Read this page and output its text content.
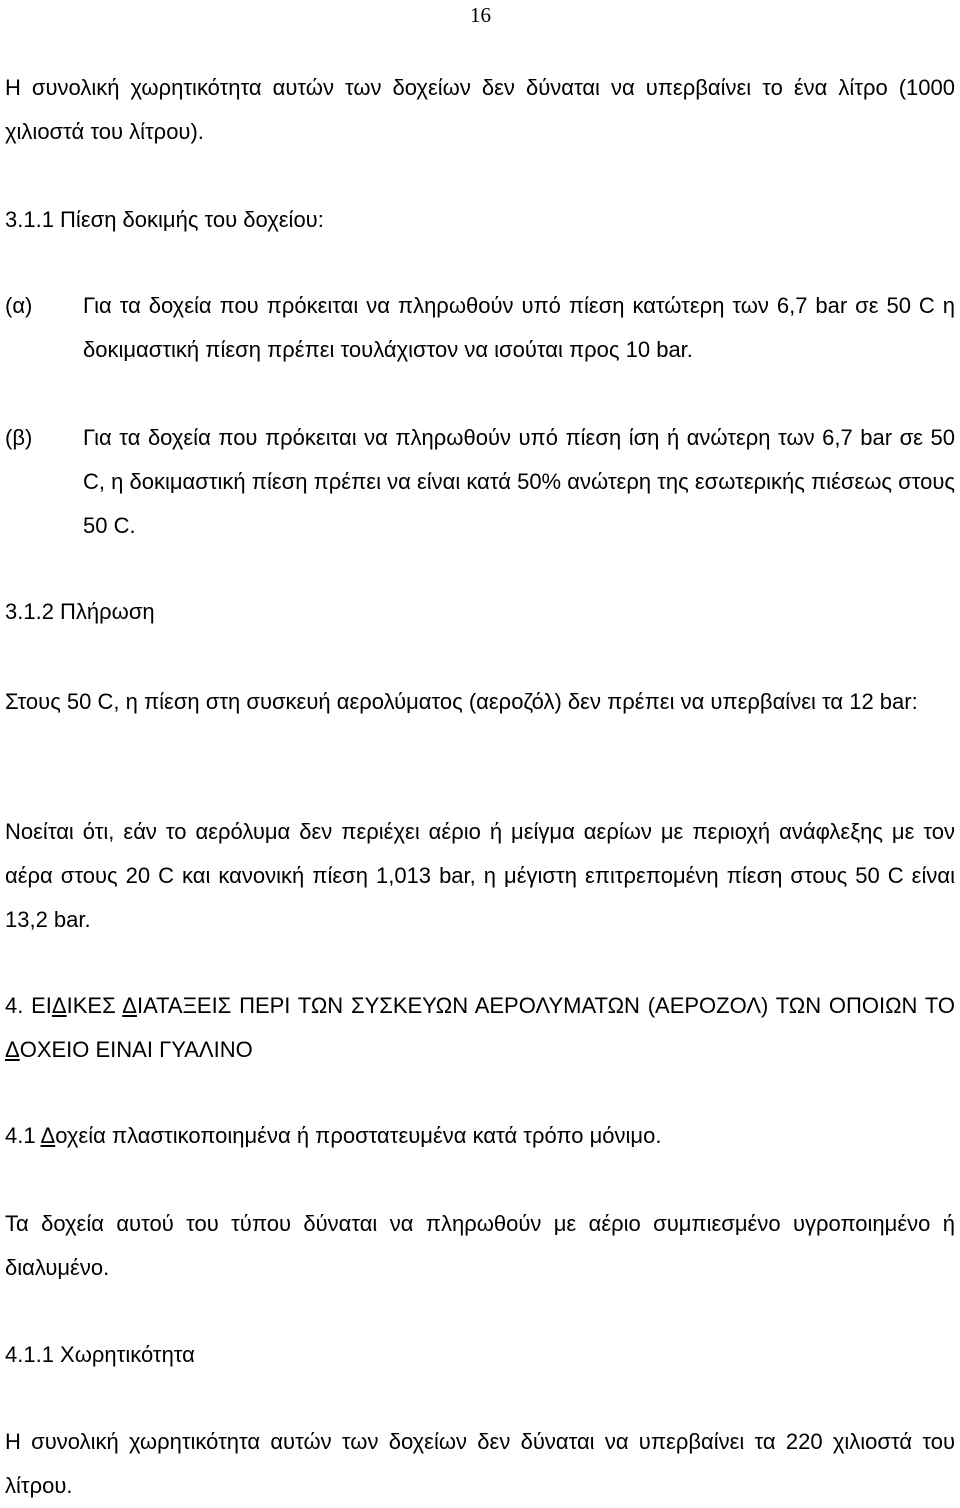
16

Η συνολική χωρητικότητα αυτών των δοχείων δεν δύναται να υπερβαίνει το ένα λίτρο (1000 χιλιοστά του λίτρου).

3.1.1 Πίεση δοκιμής του δοχείου:

(α) Για τα δοχεία που πρόκειται να πληρωθούν υπό πίεση κατώτερη των 6,7 bar σε 50 C η δοκιμαστική πίεση πρέπει τουλάχιστον να ισούται προς 10 bar.

(β) Για τα δοχεία που πρόκειται να πληρωθούν υπό πίεση ίση ή ανώτερη των 6,7 bar σε 50 C, η δοκιμαστική πίεση πρέπει να είναι κατά 50% ανώτερη της εσωτερικής πιέσεως στους 50 C.

3.1.2 Πλήρωση

Στους 50 C, η πίεση στη συσκευή αερολύματος (αεροζόλ) δεν πρέπει να υπερβαίνει τα 12 bar:

Νοείται ότι, εάν το αερόλυμα δεν περιέχει αέριο ή μείγμα αερίων με περιοχή ανάφλεξης με τον αέρα στους 20 C και κανονική πίεση 1,013 bar, η μέγιστη επιτρεπομένη πίεση στους 50 C είναι 13,2 bar.

4. ΕΙΔΙΚΕΣ ΔΙΑΤΑΞΕΙΣ ΠΕΡΙ ΤΩΝ ΣΥΣΚΕΥΩΝ ΑΕΡΟΛΥΜΑΤΩΝ (ΑΕΡΟΖΟΛ) ΤΩΝ ΟΠΟΙΩΝ ΤΟ ΔΟΧΕΙΟ ΕΙΝΑΙ ΓΥΑΛΙΝΟ

4.1 Δοχεία πλαστικοποιημένα ή προστατευμένα κατά τρόπο μόνιμο.

Τα δοχεία αυτού του τύπου δύναται να πληρωθούν με αέριο συμπιεσμένο υγροποιημένο ή διαλυμένο.

4.1.1 Χωρητικότητα

Η συνολική χωρητικότητα αυτών των δοχείων δεν δύναται να υπερβαίνει τα 220 χιλιοστά του λίτρου.
